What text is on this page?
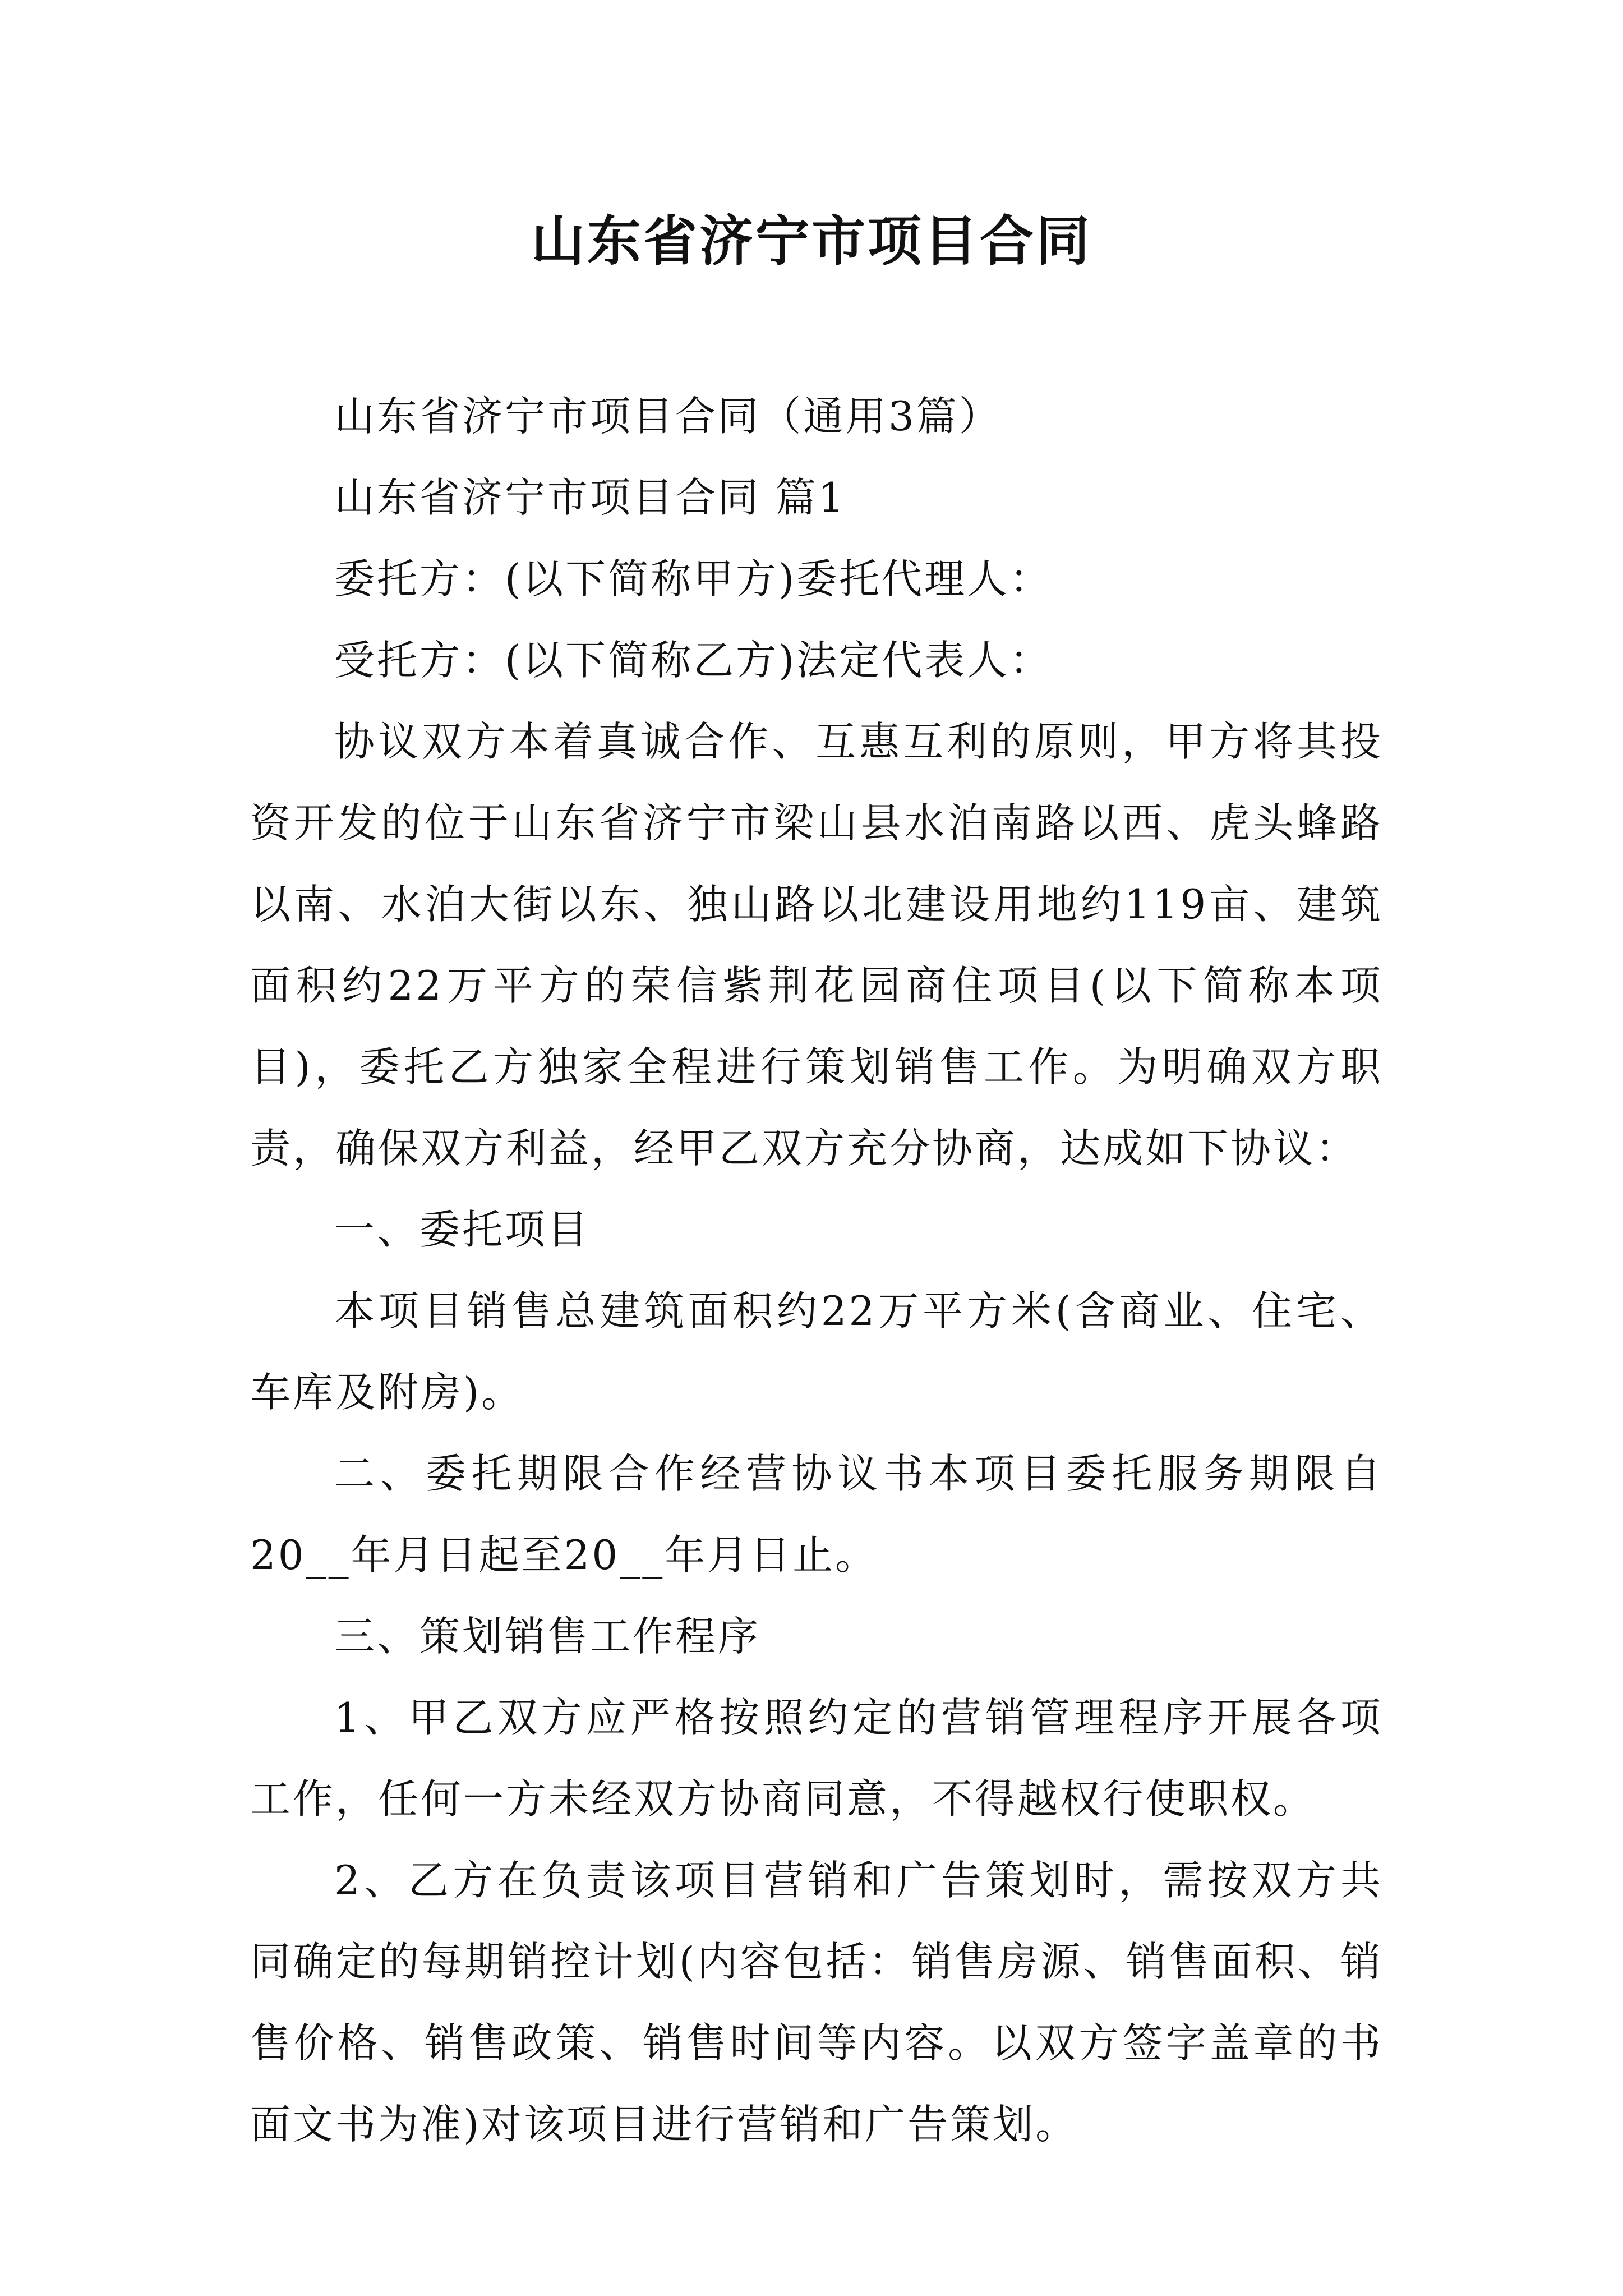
山东省济宁市项目合同

山东省济宁市项目合同（通用3篇）

山东省济宁市项目合同 篇1

委托方：(以下简称甲方)委托代理人：

受托方：(以下简称乙方)法定代表人：

协议双方本着真诚合作、互惠互利的原则，甲方将其投资开发的位于山东省济宁市梁山县水泊南路以西、虎头蜂路以南、水泊大街以东、独山路以北建设用地约119亩、建筑面积约22万平方的荣信紫荆花园商住项目(以下简称本项目)，委托乙方独家全程进行策划销售工作。为明确双方职责，确保双方利益，经甲乙双方充分协商，达成如下协议：

一、委托项目

本项目销售总建筑面积约22万平方米(含商业、住宅、车库及附房)。

二、委托期限合作经营协议书本项目委托服务期限自20__年月日起至20__年月日止。

三、策划销售工作程序

1、甲乙双方应严格按照约定的营销管理程序开展各项工作，任何一方未经双方协商同意，不得越权行使职权。

2、乙方在负责该项目营销和广告策划时，需按双方共同确定的每期销控计划(内容包括：销售房源、销售面积、销售价格、销售政策、销售时间等内容。以双方签字盖章的书面文书为准)对该项目进行营销和广告策划。
